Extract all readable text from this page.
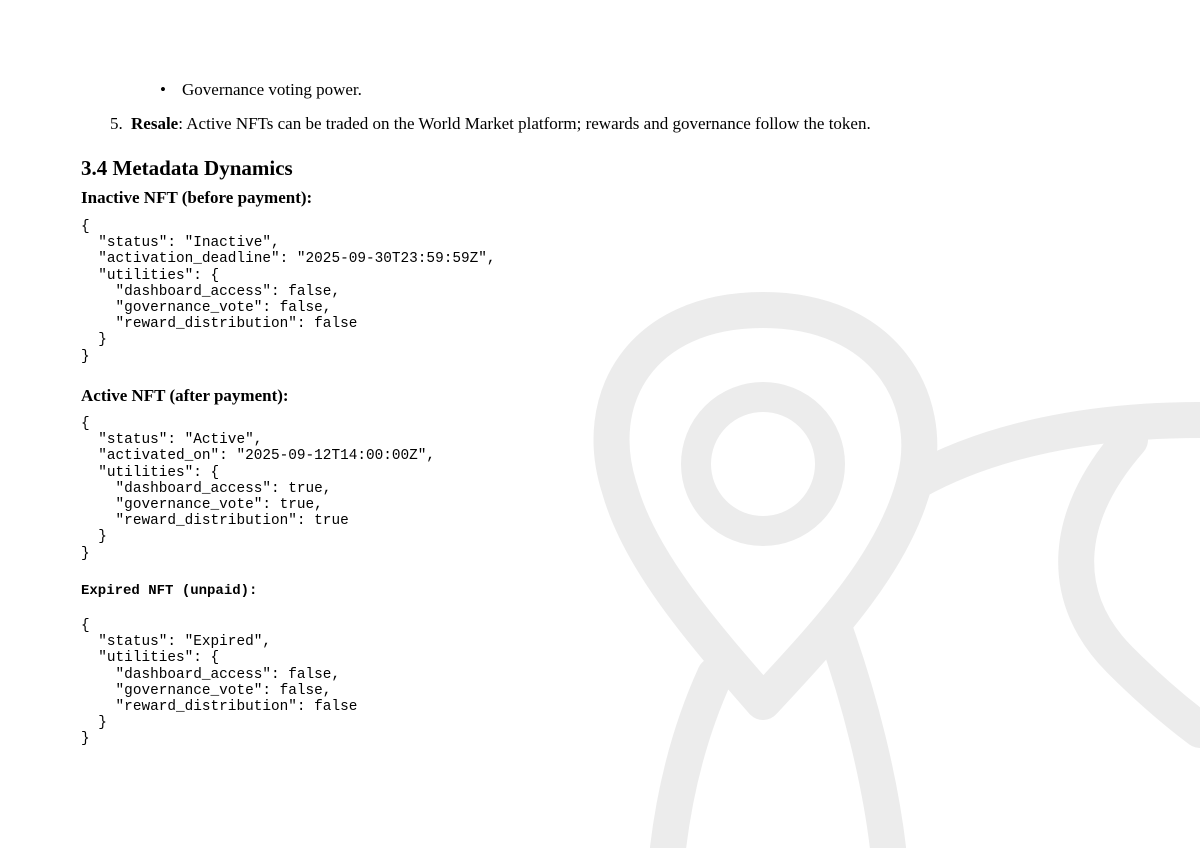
• Governance voting power.
5. Resale: Active NFTs can be traded on the World Market platform; rewards and governance follow the token.
3.4 Metadata Dynamics
Inactive NFT (before payment):
{
"status": "Inactive",
"activation_deadline": "2025-09-30T23:59:59Z",
"utilities": {
"dashboard_access": false,
"governance_vote": false,
"reward_distribution": false
}
}
Active NFT (after payment):
{
"status": "Active",
"activated_on": "2025-09-12T14:00:00Z",
"utilities": {
"dashboard_access": true,
"governance_vote": true,
"reward_distribution": true
}
}
Expired NFT (unpaid):
{
"status": "Expired",
"utilities": {
"dashboard_access": false,
"governance_vote": false,
"reward_distribution": false
}
}
